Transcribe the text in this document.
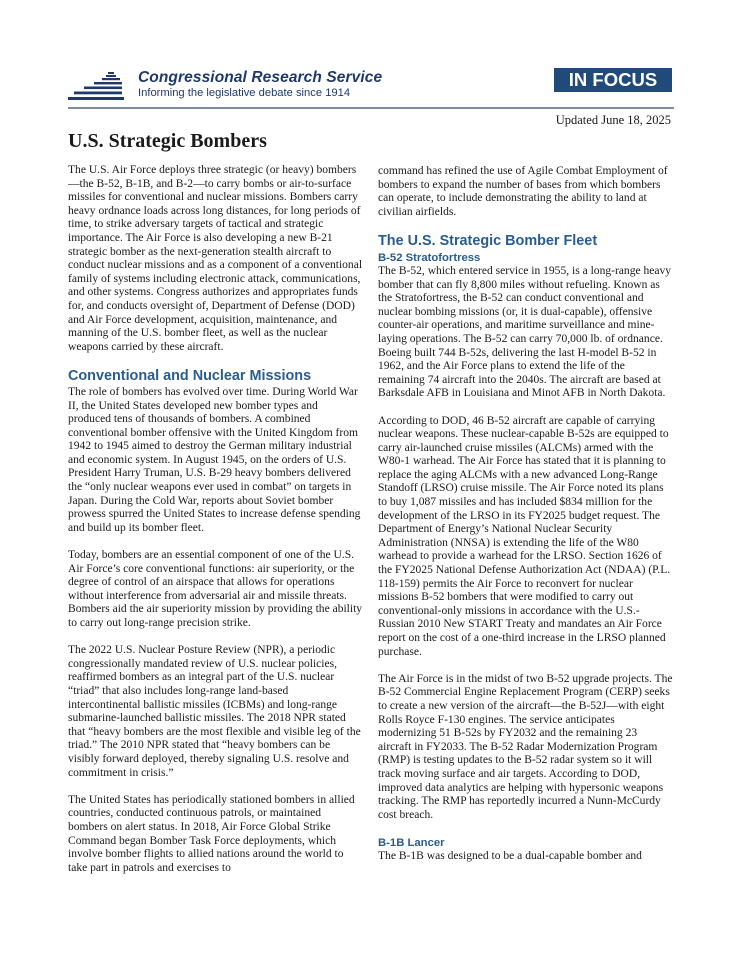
Congressional Research Service
Informing the legislative debate since 1914
IN FOCUS
Updated June 18, 2025
U.S. Strategic Bombers

The U.S. Air Force deploys three strategic (or heavy) bombers—the B-52, B-1B, and B-2—to carry bombs or air-to-surface missiles for conventional and nuclear missions. Bombers carry heavy ordnance loads across long distances, for long periods of time, to strike adversary targets of tactical and strategic importance. The Air Force is also developing a new B-21 strategic bomber as the next-generation stealth aircraft to conduct nuclear missions and as a component of a conventional family of systems including electronic attack, communications, and other systems. Congress authorizes and appropriates funds for, and conducts oversight of, Department of Defense (DOD) and Air Force development, acquisition, maintenance, and manning of the U.S. bomber fleet, as well as the nuclear weapons carried by these aircraft.

Conventional and Nuclear Missions

The role of bombers has evolved over time. During World War II, the United States developed new bomber types and produced tens of thousands of bombers. A combined conventional bomber offensive with the United Kingdom from 1942 to 1945 aimed to destroy the German military industrial and economic system. In August 1945, on the orders of U.S. President Harry Truman, U.S. B-29 heavy bombers delivered the “only nuclear weapons ever used in combat” on targets in Japan. During the Cold War, reports about Soviet bomber prowess spurred the United States to increase defense spending and build up its bomber fleet.

Today, bombers are an essential component of one of the U.S. Air Force’s core conventional functions: air superiority, or the degree of control of an airspace that allows for operations without interference from adversarial air and missile threats. Bombers aid the air superiority mission by providing the ability to carry out long-range precision strike.

The 2022 U.S. Nuclear Posture Review (NPR), a periodic congressionally mandated review of U.S. nuclear policies, reaffirmed bombers as an integral part of the U.S. nuclear “triad” that also includes long-range land-based intercontinental ballistic missiles (ICBMs) and long-range submarine-launched ballistic missiles. The 2018 NPR stated that “heavy bombers are the most flexible and visible leg of the triad.” The 2010 NPR stated that “heavy bombers can be visibly forward deployed, thereby signaling U.S. resolve and commitment in crisis.”

The United States has periodically stationed bombers in allied countries, conducted continuous patrols, or maintained bombers on alert status. In 2018, Air Force Global Strike Command began Bomber Task Force deployments, which involve bomber flights to allied nations around the world to take part in patrols and exercises to

command has refined the use of Agile Combat Employment of bombers to expand the number of bases from which bombers can operate, to include demonstrating the ability to land at civilian airfields.

The U.S. Strategic Bomber Fleet
B-52 Stratofortress

The B-52, which entered service in 1955, is a long-range heavy bomber that can fly 8,800 miles without refueling. Known as the Stratofortress, the B-52 can conduct conventional and nuclear bombing missions (or, it is dual-capable), offensive counter-air operations, and maritime surveillance and mine-laying operations. The B-52 can carry 70,000 lb. of ordnance. Boeing built 744 B-52s, delivering the last H-model B-52 in 1962, and the Air Force plans to extend the life of the remaining 74 aircraft into the 2040s. The aircraft are based at Barksdale AFB in Louisiana and Minot AFB in North Dakota.

According to DOD, 46 B-52 aircraft are capable of carrying nuclear weapons. These nuclear-capable B-52s are equipped to carry air-launched cruise missiles (ALCMs) armed with the W80-1 warhead. The Air Force has stated that it is planning to replace the aging ALCMs with a new advanced Long-Range Standoff (LRSO) cruise missile. The Air Force noted its plans to buy 1,087 missiles and has included $834 million for the development of the LRSO in its FY2025 budget request. The Department of Energy’s National Nuclear Security Administration (NNSA) is extending the life of the W80 warhead to provide a warhead for the LRSO. Section 1626 of the FY2025 National Defense Authorization Act (NDAA) (P.L. 118-159) permits the Air Force to reconvert for nuclear missions B-52 bombers that were modified to carry out conventional-only missions in accordance with the U.S.-Russian 2010 New START Treaty and mandates an Air Force report on the cost of a one-third increase in the LRSO planned purchase.

The Air Force is in the midst of two B-52 upgrade projects. The B-52 Commercial Engine Replacement Program (CERP) seeks to create a new version of the aircraft—the B-52J—with eight Rolls Royce F-130 engines. The service anticipates modernizing 51 B-52s by FY2032 and the remaining 23 aircraft in FY2033. The B-52 Radar Modernization Program (RMP) is testing updates to the B-52 radar system so it will track moving surface and air targets. According to DOD, improved data analytics are helping with hypersonic weapons tracking. The RMP has reportedly incurred a Nunn-McCurdy cost breach.

B-1B Lancer

The B-1B was designed to be a dual-capable bomber and
